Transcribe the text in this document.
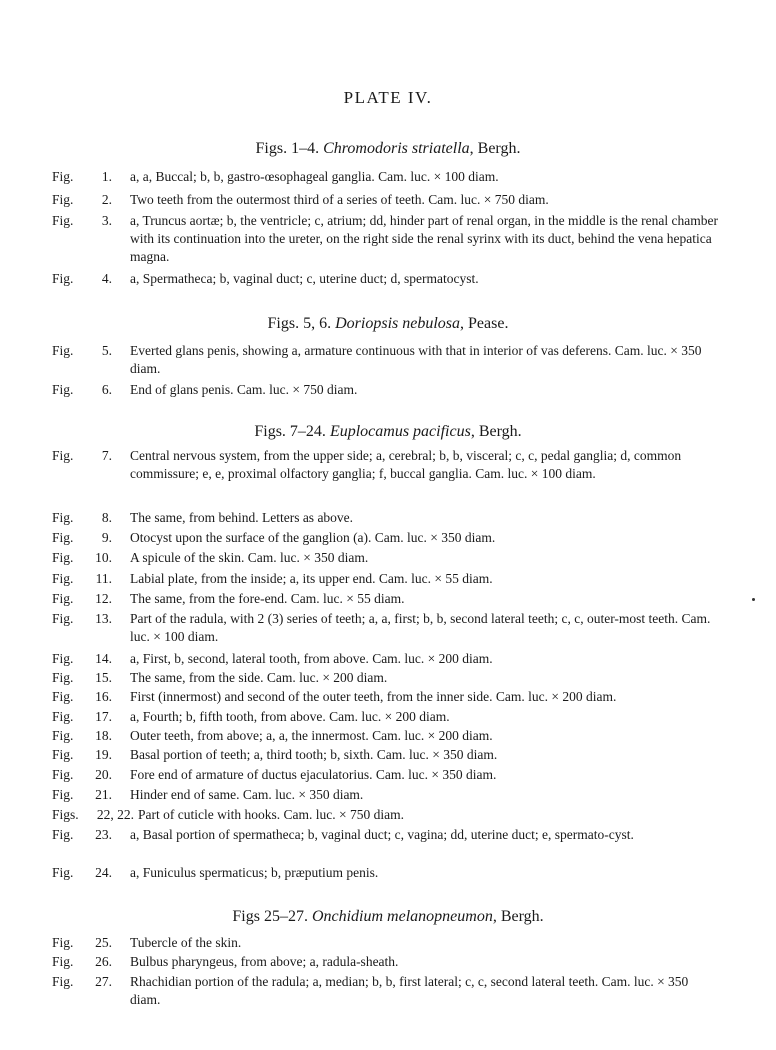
PLATE IV.
Figs. 1–4. Chromodoris striatella, Bergh.
Fig.	1. a, a, Buccal; b, b, gastro-œsophageal ganglia. Cam. luc. × 100 diam.
Fig.	2. Two teeth from the outermost third of a series of teeth. Cam. luc. × 750 diam.
Fig.	3. a, Truncus aortæ; b, the ventricle; c, atrium; dd, hinder part of renal organ, in the middle is the renal chamber with its continuation into the ureter, on the right side the renal syrinx with its duct, behind the vena hepatica magna.
Fig.	4. a, Spermatheca; b, vaginal duct; c, uterine duct; d, spermatocyst.
Figs. 5, 6. Doriopsis nebulosa, Pease.
Fig.	5. Everted glans penis, showing a, armature continuous with that in interior of vas deferens. Cam. luc. × 350 diam.
Fig.	6. End of glans penis. Cam. luc. × 750 diam.
Figs. 7–24. Euplocamus pacificus, Bergh.
Fig.	7. Central nervous system, from the upper side; a, cerebral; b, b, visceral; c, c, pedal ganglia; d, common commissure; e, e, proximal olfactory ganglia; f, buccal ganglia. Cam. luc. × 100 diam.
Fig.	8. The same, from behind. Letters as above.
Fig.	9. Otocyst upon the surface of the ganglion (a). Cam. luc. × 350 diam.
Fig.	10. A spicule of the skin. Cam. luc. × 350 diam.
Fig.	11. Labial plate, from the inside; a, its upper end. Cam. luc. × 55 diam.
Fig.	12. The same, from the fore-end. Cam. luc. × 55 diam.
Fig.	13. Part of the radula, with 2 (3) series of teeth; a, a, first; b, b, second lateral teeth; c, c, outer-most teeth. Cam. luc. × 100 diam.
Fig.	14. a, First, b, second, lateral tooth, from above. Cam. luc. × 200 diam.
Fig.	15. The same, from the side. Cam. luc. × 200 diam.
Fig.	16. First (innermost) and second of the outer teeth, from the inner side. Cam. luc. × 200 diam.
Fig.	17. a, Fourth; b, fifth tooth, from above. Cam. luc. × 200 diam.
Fig.	18. Outer teeth, from above; a, a, the innermost. Cam. luc. × 200 diam.
Fig.	19. Basal portion of teeth; a, third tooth; b, sixth. Cam. luc. × 350 diam.
Fig.	20. Fore end of armature of ductus ejaculatorius. Cam. luc. × 350 diam.
Fig.	21. Hinder end of same. Cam. luc. × 350 diam.
Figs.	22, 22. Part of cuticle with hooks. Cam. luc. × 750 diam.
Fig.	23. a, Basal portion of spermatheca; b, vaginal duct; c, vagina; dd, uterine duct; e, spermato-cyst.
Fig.	24. a, Funiculus spermaticus; b, præputium penis.
Figs 25–27. Onchidium melanopneumon, Bergh.
Fig.	25. Tubercle of the skin.
Fig.	26. Bulbus pharyngeus, from above; a, radula-sheath.
Fig.	27. Rhachidian portion of the radula; a, median; b, b, first lateral; c, c, second lateral teeth. Cam. luc. × 350 diam.
